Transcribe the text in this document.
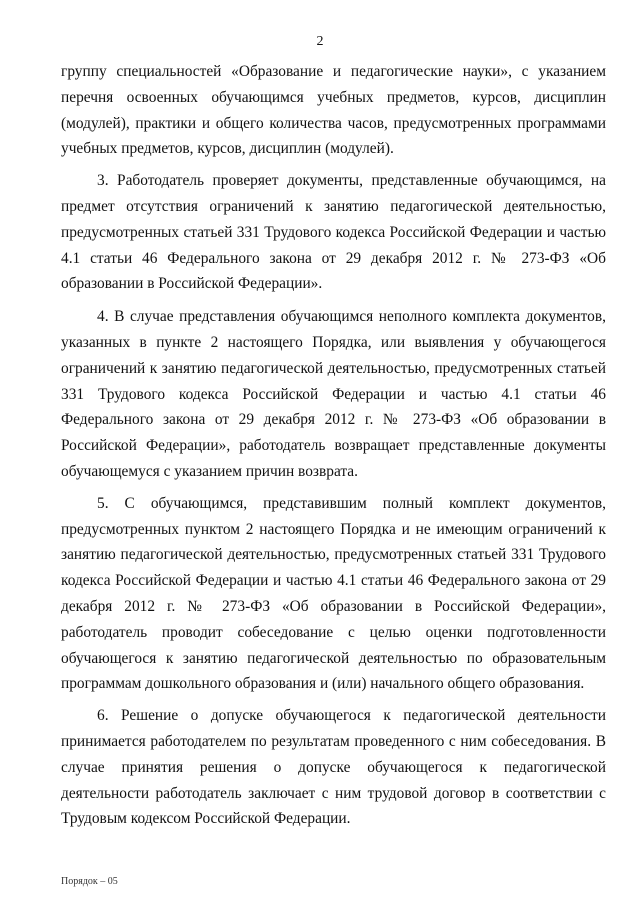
2

группу специальностей «Образование и педагогические науки», с указанием перечня освоенных обучающимся учебных предметов, курсов, дисциплин (модулей), практики и общего количества часов, предусмотренных программами учебных предметов, курсов, дисциплин (модулей).

3. Работодатель проверяет документы, представленные обучающимся, на предмет отсутствия ограничений к занятию педагогической деятельностью, предусмотренных статьей 331 Трудового кодекса Российской Федерации и частью 4.1 статьи 46 Федерального закона от 29 декабря 2012 г. № 273-ФЗ «Об образовании в Российской Федерации».

4. В случае представления обучающимся неполного комплекта документов, указанных в пункте 2 настоящего Порядка, или выявления у обучающегося ограничений к занятию педагогической деятельностью, предусмотренных статьей 331 Трудового кодекса Российской Федерации и частью 4.1 статьи 46 Федерального закона от 29 декабря 2012 г. № 273-ФЗ «Об образовании в Российской Федерации», работодатель возвращает представленные документы обучающемуся с указанием причин возврата.

5. С обучающимся, представившим полный комплект документов, предусмотренных пунктом 2 настоящего Порядка и не имеющим ограничений к занятию педагогической деятельностью, предусмотренных статьей 331 Трудового кодекса Российской Федерации и частью 4.1 статьи 46 Федерального закона от 29 декабря 2012 г. № 273-ФЗ «Об образовании в Российской Федерации», работодатель проводит собеседование с целью оценки подготовленности обучающегося к занятию педагогической деятельностью по образовательным программам дошкольного образования и (или) начального общего образования.

6. Решение о допуске обучающегося к педагогической деятельности принимается работодателем по результатам проведенного с ним собеседования. В случае принятия решения о допуске обучающегося к педагогической деятельности работодатель заключает с ним трудовой договор в соответствии с Трудовым кодексом Российской Федерации.

Порядок – 05
